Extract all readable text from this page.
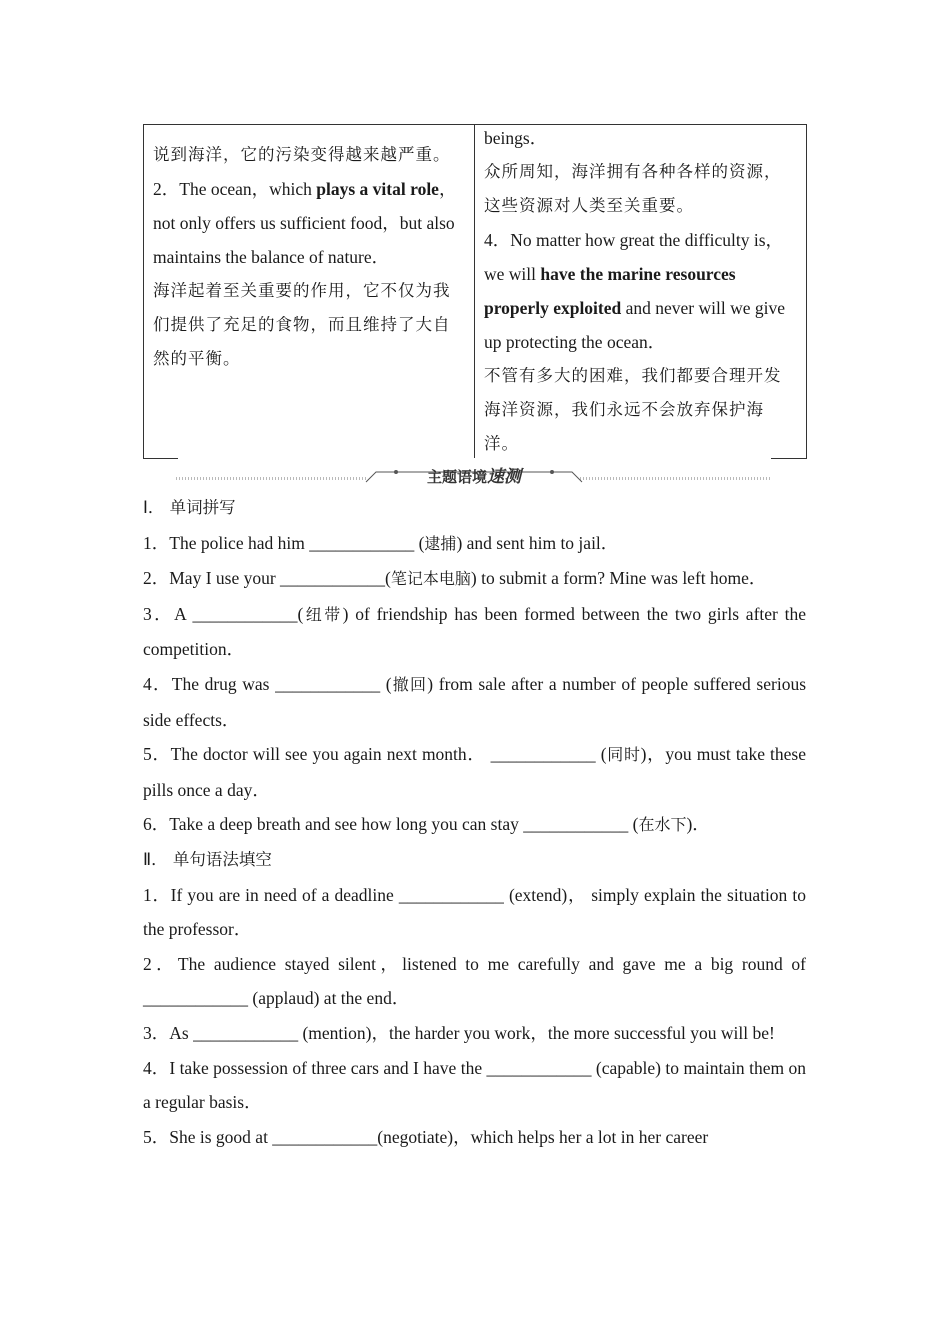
说到海洋，它的污染变得越来越严重。

2．The ocean，which plays a vital role，not only offers us sufficient food，but also maintains the balance of nature．

海洋起着至关重要的作用，它不仅为我们提供了充足的食物，而且维持了大自然的平衡。

beings．

众所周知，海洋拥有各种各样的资源，这些资源对人类至关重要。

4．No matter how great the difficulty is，we will have the marine resources properly exploited and never will we give up protecting the ocean．

不管有多大的困难，我们都要合理开发海洋资源，我们永远不会放弃保护海洋。

主题语境速测

Ⅰ． 单词拼写

1．The police had him ____________ (逮捕) and sent him to jail．

2．May I use your ____________(笔记本电脑) to submit a form? Mine was left home．

3．A ____________(纽带) of friendship has been formed between the two girls after the competition．

4．The drug was ____________ (撤回) from sale after a number of people suffered serious side effects．

5．The doctor will see you again next month． ____________ (同时)，you must take these pills once a day．

6．Take a deep breath and see how long you can stay ____________ (在水下)．

Ⅱ． 单句语法填空

1．If you are in need of a deadline ____________ (extend)， simply explain the situation to the professor．

2．The audience stayed silent，listened to me carefully and gave me a big round of ____________ (applaud) at the end．

3．As ____________ (mention)，the harder you work，the more successful you will be!

4．I take possession of three cars and I have the ____________ (capable) to maintain them on a regular basis．

5．She is good at ____________(negotiate)，which helps her a lot in her career
